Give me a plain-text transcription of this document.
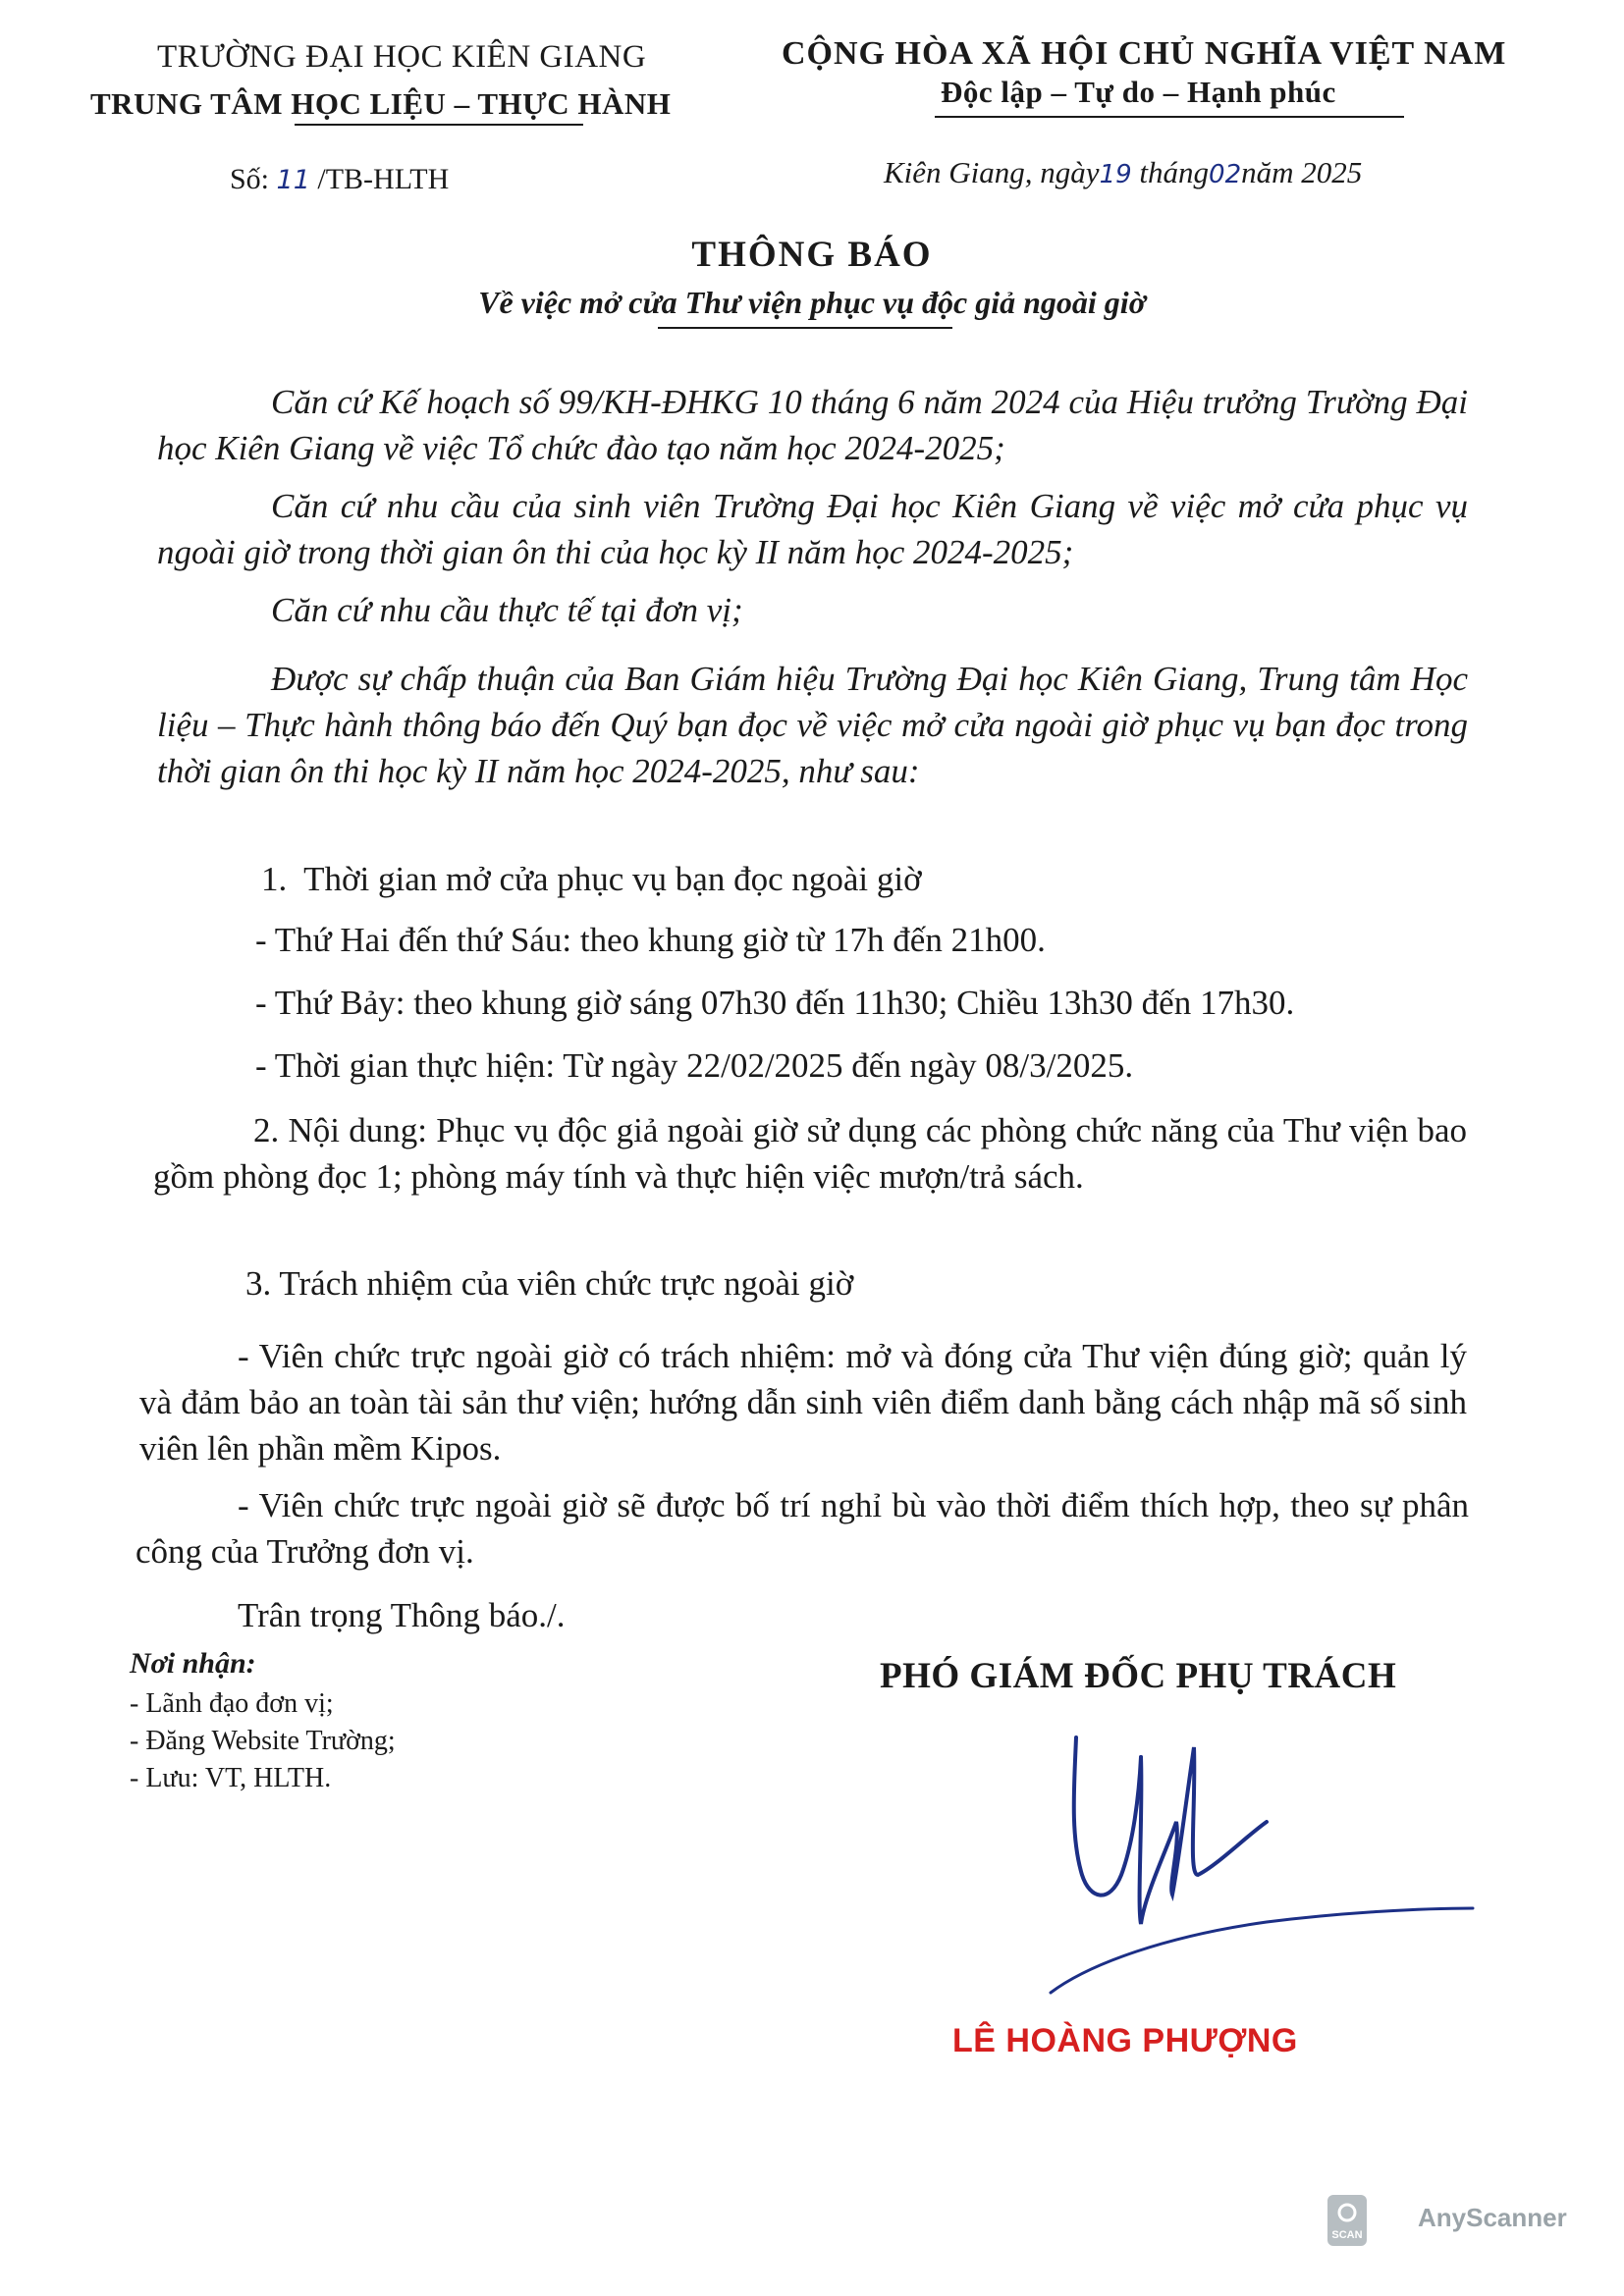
TRƯỜNG ĐẠI HỌC KIÊN GIANG
TRUNG TÂM HỌC LIỆU – THỰC HÀNH
CỘNG HÒA XÃ HỘI CHỦ NGHĨA VIỆT NAM
Độc lập – Tự do – Hạnh phúc
Số: 11 /TB-HLTH	Kiên Giang, ngày19 tháng02năm 2025
THÔNG BÁO
Về việc mở cửa Thư viện phục vụ độc giả ngoài giờ
Căn cứ Kế hoạch số 99/KH-ĐHKG 10 tháng 6 năm 2024 của Hiệu trưởng Trường Đại học Kiên Giang về việc Tổ chức đào tạo năm học 2024-2025;
Căn cứ nhu cầu của sinh viên Trường Đại học Kiên Giang về việc mở cửa phục vụ ngoài giờ trong thời gian ôn thi của học kỳ II năm học 2024-2025;
Căn cứ nhu cầu thực tế tại đơn vị;
Được sự chấp thuận của Ban Giám hiệu Trường Đại học Kiên Giang, Trung tâm Học liệu – Thực hành thông báo đến Quý bạn đọc về việc mở cửa ngoài giờ phục vụ bạn đọc trong thời gian ôn thi học kỳ II năm học 2024-2025, như sau:
1. Thời gian mở cửa phục vụ bạn đọc ngoài giờ
- Thứ Hai đến thứ Sáu: theo khung giờ từ 17h đến 21h00.
- Thứ Bảy: theo khung giờ sáng 07h30 đến 11h30; Chiều 13h30 đến 17h30.
- Thời gian thực hiện: Từ ngày 22/02/2025 đến ngày 08/3/2025.
2. Nội dung: Phục vụ độc giả ngoài giờ sử dụng các phòng chức năng của Thư viện bao gồm phòng đọc 1; phòng máy tính và thực hiện việc mượn/trả sách.
3. Trách nhiệm của viên chức trực ngoài giờ
- Viên chức trực ngoài giờ có trách nhiệm: mở và đóng cửa Thư viện đúng giờ; quản lý và đảm bảo an toàn tài sản thư viện; hướng dẫn sinh viên điểm danh bằng cách nhập mã số sinh viên lên phần mềm Kipos.
- Viên chức trực ngoài giờ sẽ được bố trí nghỉ bù vào thời điểm thích hợp, theo sự phân công của Trưởng đơn vị.
Trân trọng Thông báo./.
Nơi nhận:
- Lãnh đạo đơn vị;
- Đăng Website Trường;
- Lưu: VT, HLTH.
PHÓ GIÁM ĐỐC PHỤ TRÁCH
LÊ HOÀNG PHƯỢNG
SCAN
AnyScanner
